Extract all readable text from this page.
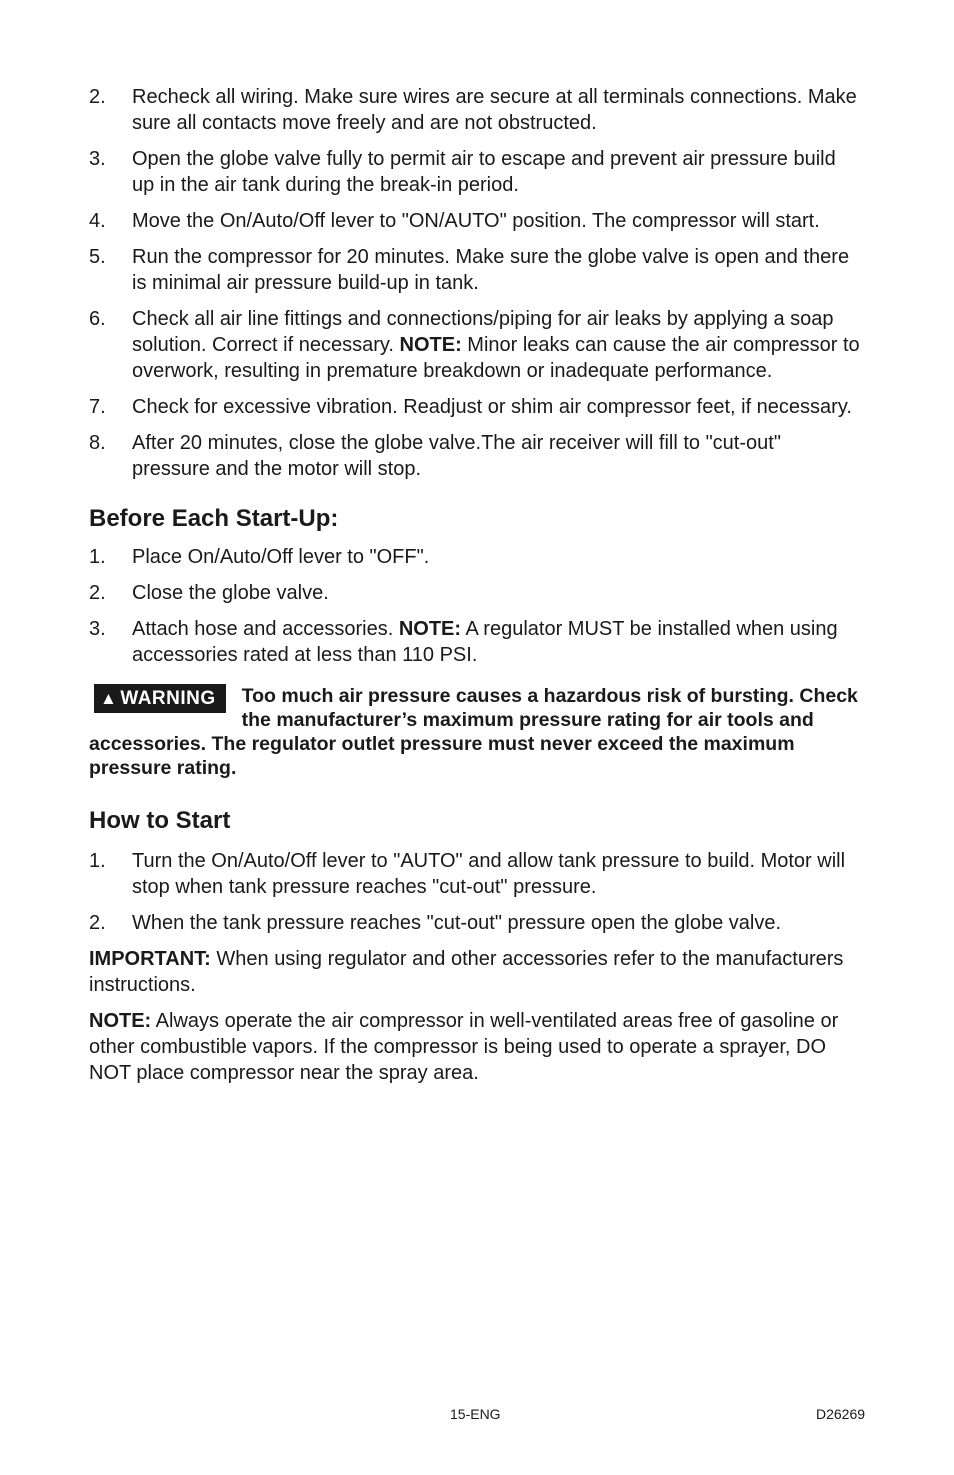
2.	Recheck all wiring. Make sure wires are secure at all terminals connections. Make sure all contacts move freely and are not obstructed.
3.	Open the globe valve fully to permit air to escape and prevent air pressure build up in the air tank during the break-in period.
4.	Move the On/Auto/Off lever to "ON/AUTO" position. The compressor will start.
5.	Run the compressor for 20 minutes. Make sure the globe valve is open and there is minimal air pressure build-up in tank.
6.	Check all air line fittings and connections/piping for air leaks by applying a soap solution. Correct if necessary. NOTE: Minor leaks can cause the air compressor to overwork, resulting in premature breakdown or inadequate performance.
7.	Check for excessive vibration. Readjust or shim air compressor feet, if necessary.
8.	After 20 minutes, close the globe valve.The air receiver will fill to "cut-out" pressure and the motor will stop.
Before Each Start-Up:
1.	Place On/Auto/Off lever to "OFF".
2.	Close the globe valve.
3.	Attach hose and accessories. NOTE: A regulator MUST be installed when using accessories rated at less than 110 PSI.
▲ WARNING	Too much air pressure causes a hazardous risk of bursting. Check the manufacturer’s maximum pressure rating for air tools and accessories. The regulator outlet pressure must never exceed the maximum pressure rating.
How to Start
1.	Turn the On/Auto/Off lever to "AUTO" and allow tank pressure to build. Motor will stop when tank pressure reaches "cut-out" pressure.
2.	When the tank pressure reaches "cut-out" pressure open the globe valve.

IMPORTANT: When using regulator and other accessories refer to the manufacturers instructions.

NOTE: Always operate the air compressor in well-ventilated areas free of gasoline or other combustible vapors. If the compressor is being used to operate a sprayer, DO NOT place compressor near the spray area.

15-ENG	D26269
